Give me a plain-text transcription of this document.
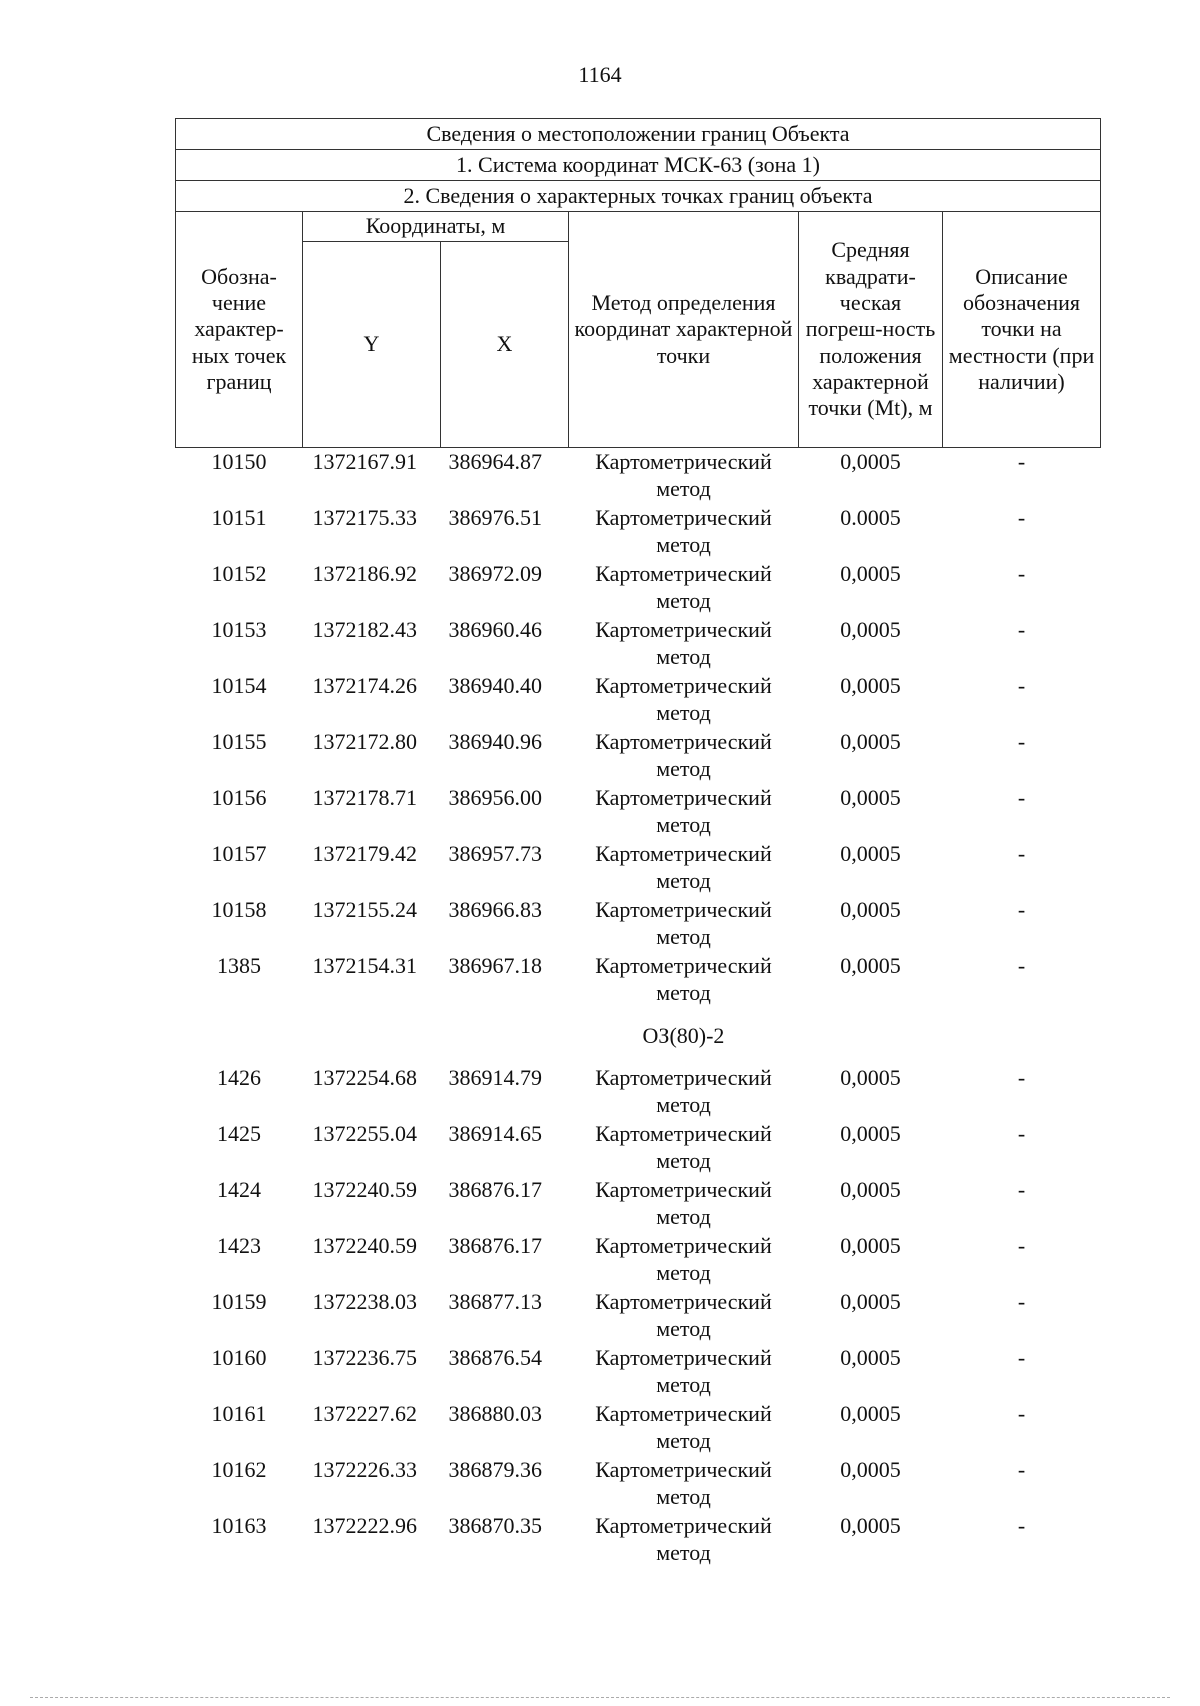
1164
Сведения о местоположении границ Объекта					
1. Система координат МСК-63 (зона 1)					
2. Сведения о характерных точках границ объекта					
Обозна-чение характер-ных точек границ	Координаты, м		Метод определения координат характерной точки	Средняя квадрати-ческая погреш-ность положения характерной точки (Mt), м	Описание обозначения точки на местности (при наличии)
	Y	X			
10150	1372167.91	386964.87	Картометрический метод	0,0005	-
10151	1372175.33	386976.51	Картометрический метод	0.0005	-
10152	1372186.92	386972.09	Картометрический метод	0,0005	-
10153	1372182.43	386960.46	Картометрический метод	0,0005	-
10154	1372174.26	386940.40	Картометрический метод	0,0005	-
10155	1372172.80	386940.96	Картометрический метод	0,0005	-
10156	1372178.71	386956.00	Картометрический метод	0,0005	-
10157	1372179.42	386957.73	Картометрический метод	0,0005	-
10158	1372155.24	386966.83	Картометрический метод	0,0005	-
1385	1372154.31	386967.18	Картометрический метод	0,0005	-
			ОЗ(80)-2		
1426	1372254.68	386914.79	Картометрический метод	0,0005	-
1425	1372255.04	386914.65	Картометрический метод	0,0005	-
1424	1372240.59	386876.17	Картометрический метод	0,0005	-
1423	1372240.59	386876.17	Картометрический метод	0,0005	-
10159	1372238.03	386877.13	Картометрический метод	0,0005	-
10160	1372236.75	386876.54	Картометрический метод	0,0005	-
10161	1372227.62	386880.03	Картометрический метод	0,0005	-
10162	1372226.33	386879.36	Картометрический метод	0,0005	-
10163	1372222.96	386870.35	Картометрический метод	0,0005	-
